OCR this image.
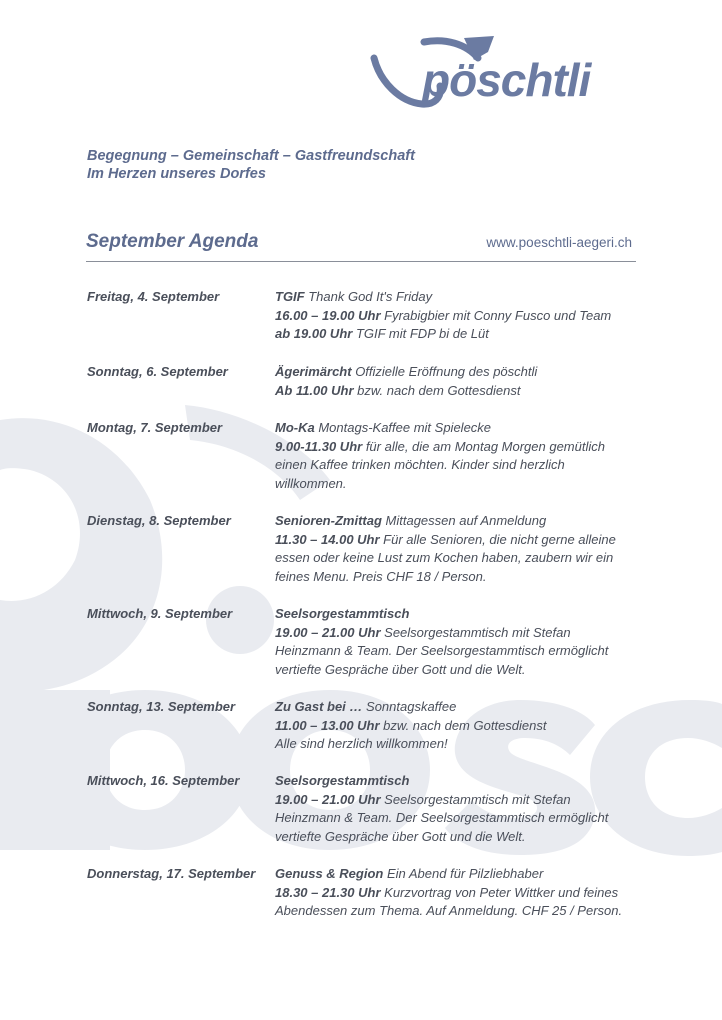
pöschtli
Begegnung – Gemeinschaft – Gastfreundschaft
Im Herzen unseres Dorfes
September Agenda	www.poeschtli-aegeri.ch
Freitag, 4. September	TGIF Thank God It's Friday
16.00 – 19.00 Uhr Fyrabigbier mit Conny Fusco und Team
ab 19.00 Uhr TGIF mit FDP bi de Lüt
Sonntag, 6. September	Ägerimärcht Offizielle Eröffnung des pöschtli
Ab 11.00 Uhr bzw. nach dem Gottesdienst
Montag, 7. September	Mo-Ka Montags-Kaffee mit Spielecke
9.00-11.30 Uhr für alle, die am Montag Morgen gemütlich
einen Kaffee trinken möchten. Kinder sind herzlich
willkommen.
Dienstag, 8. September	Senioren-Zmittag Mittagessen auf Anmeldung
11.30 – 14.00 Uhr Für alle Senioren, die nicht gerne alleine
essen oder keine Lust zum Kochen haben, zaubern wir ein
feines Menu. Preis CHF 18 / Person.
Mittwoch, 9. September	Seelsorgestammtisch
19.00 – 21.00 Uhr Seelsorgestammtisch mit Stefan
Heinzmann & Team. Der Seelsorgestammtisch ermöglicht
vertiefte Gespräche über Gott und die Welt.
Sonntag, 13. September	Zu Gast bei … Sonntagskaffee
11.00 – 13.00 Uhr bzw. nach dem Gottesdienst
Alle sind herzlich willkommen!
Mittwoch, 16. September	Seelsorgestammtisch
19.00 – 21.00 Uhr Seelsorgestammtisch mit Stefan
Heinzmann & Team. Der Seelsorgestammtisch ermöglicht
vertiefte Gespräche über Gott und die Welt.
Donnerstag, 17. September	Genuss & Region Ein Abend für Pilzliebhaber
18.30 – 21.30 Uhr Kurzvortrag von Peter Wittker und feines
Abendessen zum Thema. Auf Anmeldung. CHF 25 / Person.
